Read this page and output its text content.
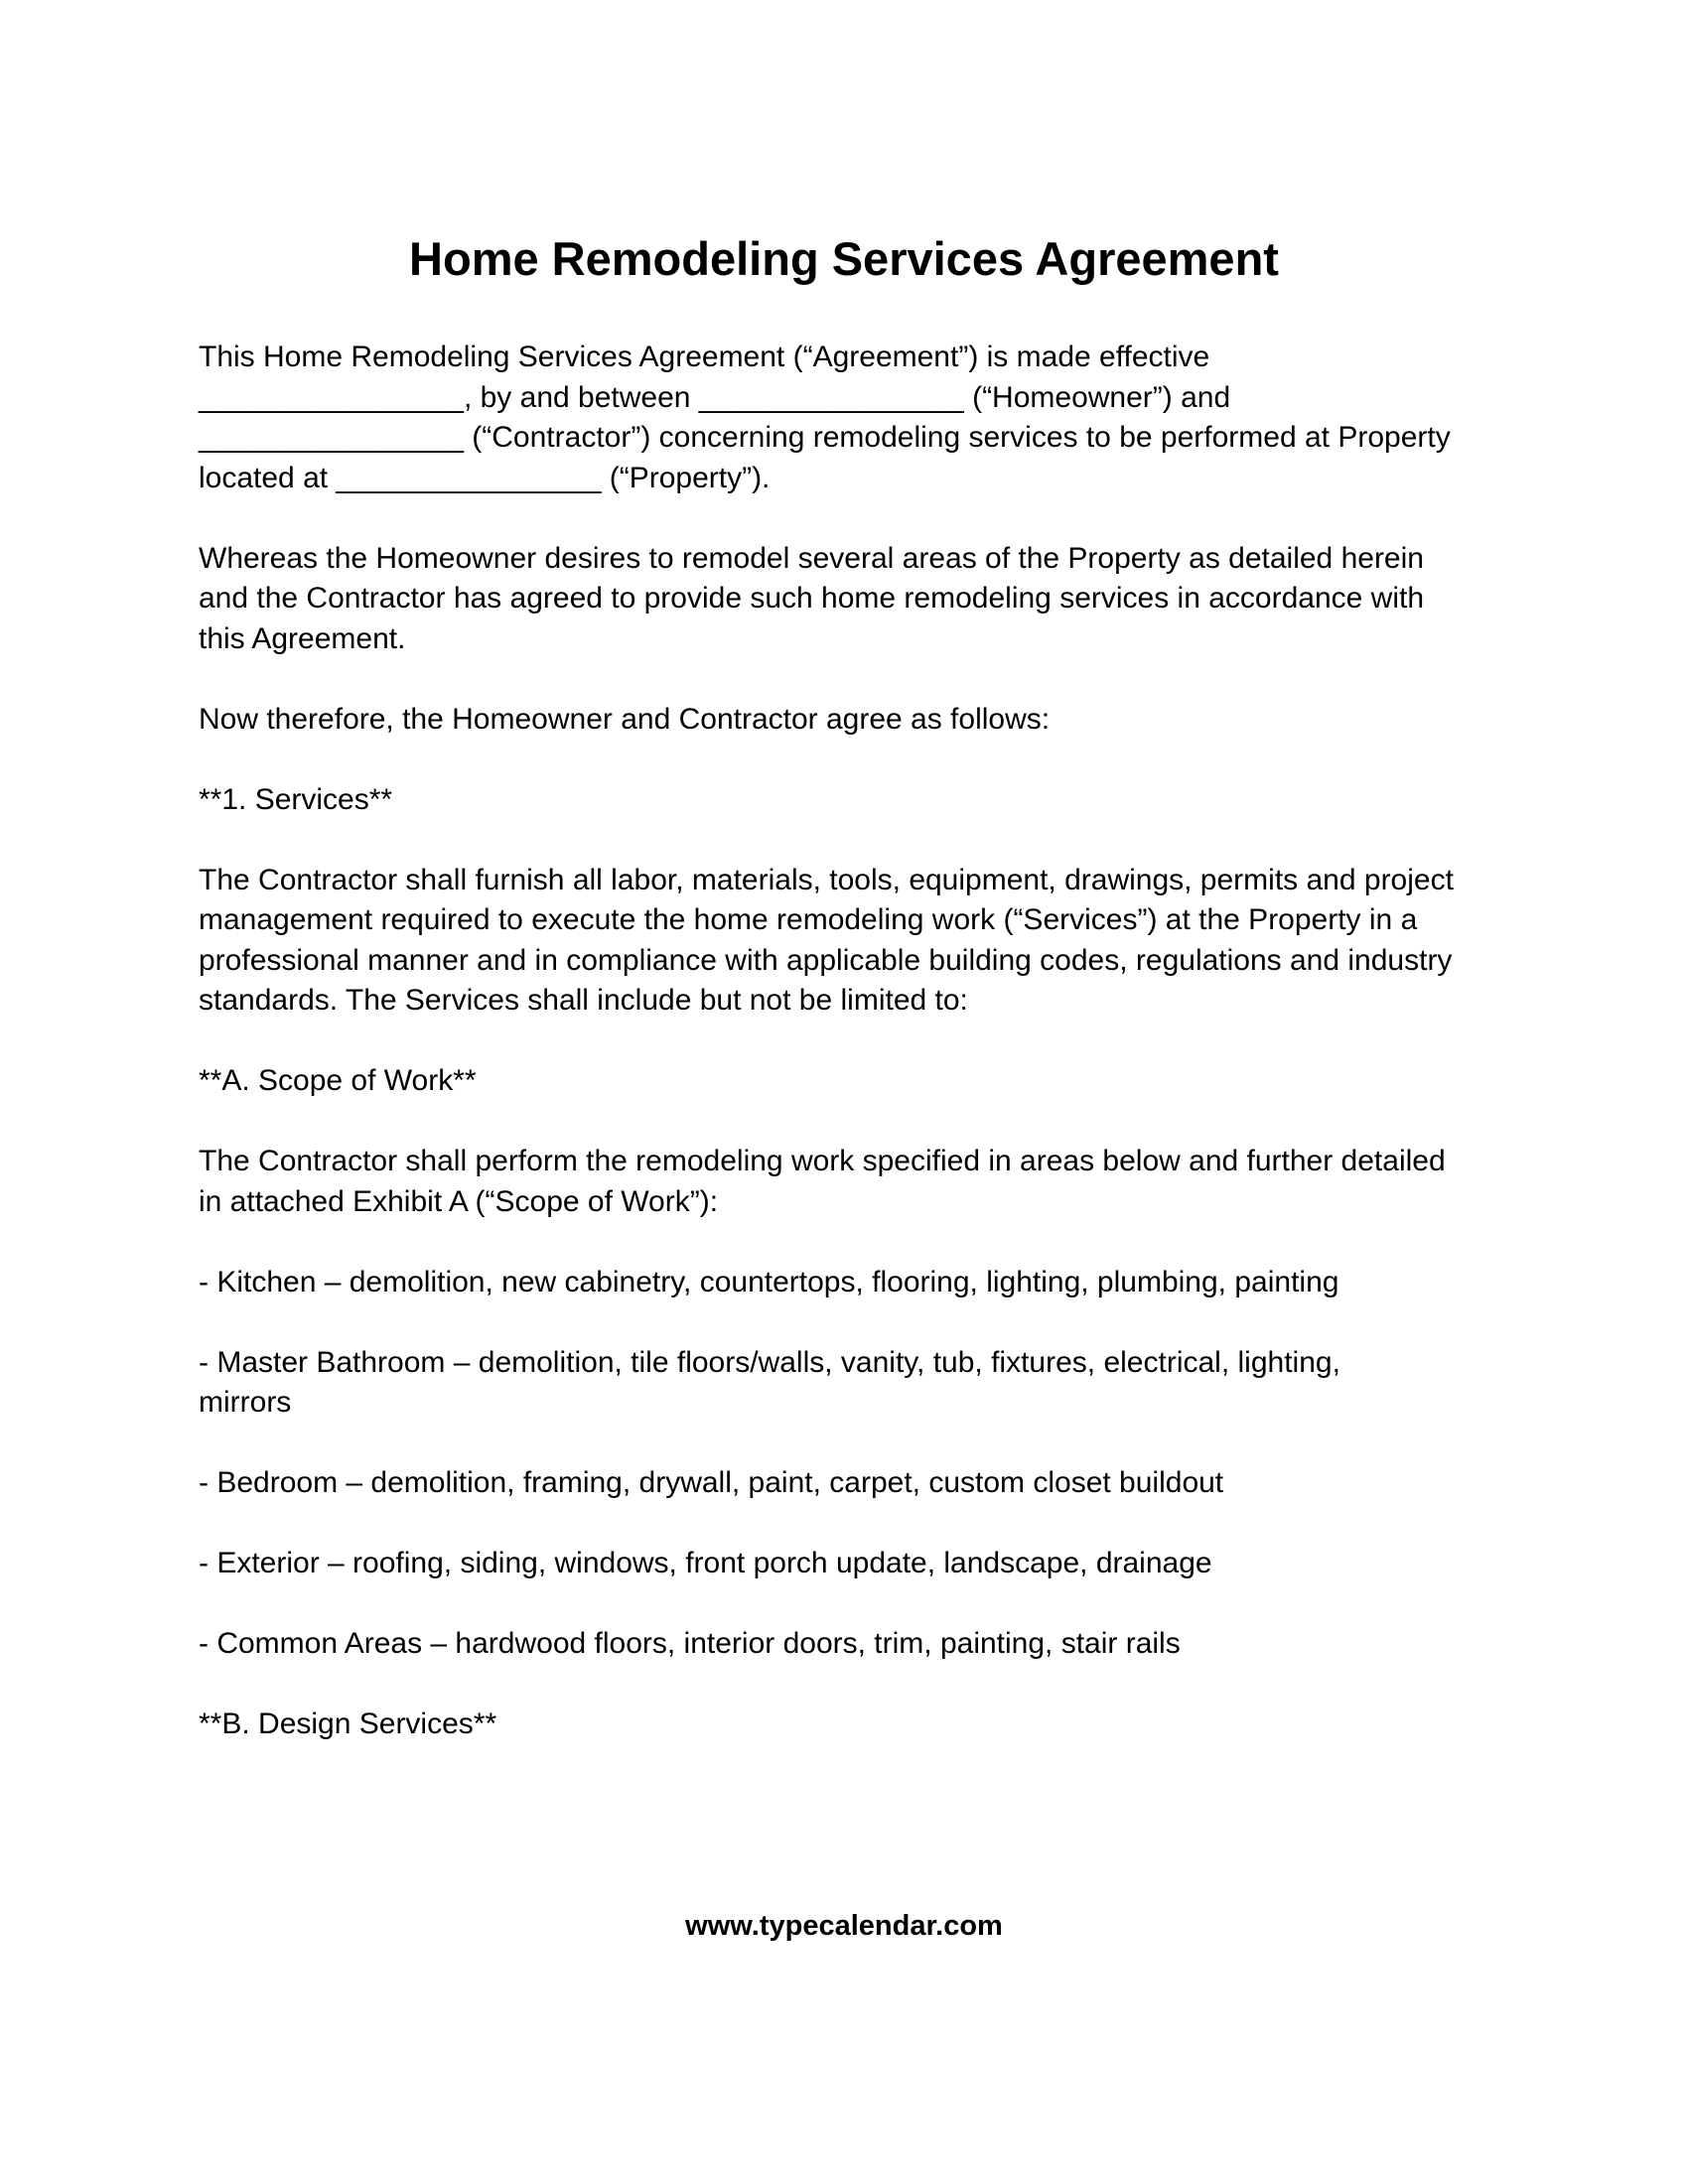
Home Remodeling Services Agreement

This Home Remodeling Services Agreement (“Agreement”) is made effective
________________, by and between ________________ (“Homeowner”) and
________________ (“Contractor”) concerning remodeling services to be performed at Property
located at ________________ (“Property”).

Whereas the Homeowner desires to remodel several areas of the Property as detailed herein
and the Contractor has agreed to provide such home remodeling services in accordance with
this Agreement.

Now therefore, the Homeowner and Contractor agree as follows:

**1. Services**

The Contractor shall furnish all labor, materials, tools, equipment, drawings, permits and project
management required to execute the home remodeling work (“Services”) at the Property in a
professional manner and in compliance with applicable building codes, regulations and industry
standards. The Services shall include but not be limited to:

**A. Scope of Work**

The Contractor shall perform the remodeling work specified in areas below and further detailed
in attached Exhibit A (“Scope of Work”):

- Kitchen – demolition, new cabinetry, countertops, flooring, lighting, plumbing, painting

- Master Bathroom – demolition, tile floors/walls, vanity, tub, fixtures, electrical, lighting,
mirrors

- Bedroom – demolition, framing, drywall, paint, carpet, custom closet buildout

- Exterior – roofing, siding, windows, front porch update, landscape, drainage

- Common Areas – hardwood floors, interior doors, trim, painting, stair rails

**B. Design Services**

www.typecalendar.com
